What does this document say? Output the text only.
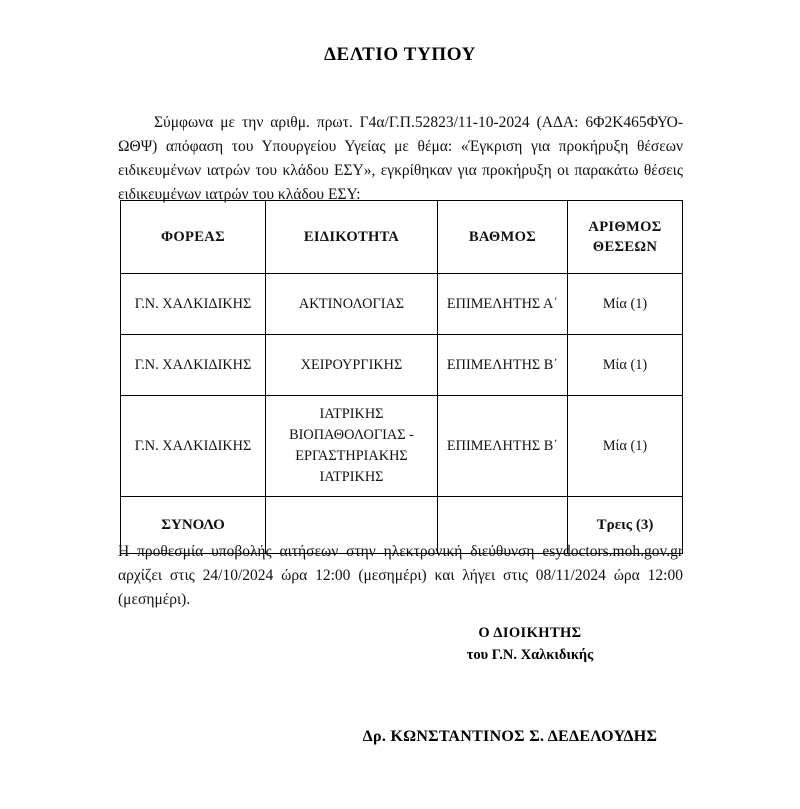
ΔΕΛΤΙΟ ΤΥΠΟΥ

Σύμφωνα με την αριθμ. πρωτ. Γ4α/Γ.Π.52823/11-10-2024 (ΑΔΑ: 6Φ2Κ465ΦΥΟ-ΩΘΨ) απόφαση του Υπουργείου Υγείας με θέμα: «Έγκριση για προκήρυξη θέσεων ειδικευμένων ιατρών του κλάδου ΕΣΥ», εγκρίθηκαν για προκήρυξη οι παρακάτω θέσεις ειδικευμένων ιατρών του κλάδου ΕΣΥ:

ΦΟΡΕΑΣ	ΕΙΔΙΚΟΤΗΤΑ	ΒΑΘΜΟΣ	ΑΡΙΘΜΟΣ
ΘΕΣΕΩΝ

Γ.Ν. ΧΑΛΚΙΔΙΚΗΣ	ΑΚΤΙΝΟΛΟΓΙΑΣ	ΕΠΙΜΕΛΗΤΗΣ Α΄	Μία (1)
Γ.Ν. ΧΑΛΚΙΔΙΚΗΣ	ΧΕΙΡΟΥΡΓΙΚΗΣ	ΕΠΙΜΕΛΗΤΗΣ Β΄	Μία (1)
Γ.Ν. ΧΑΛΚΙΔΙΚΗΣ	ΙΑΤΡΙΚΗΣ
ΒΙΟΠΑΘΟΛΟΓΙΑΣ -
ΕΡΓΑΣΤΗΡΙΑΚΗΣ
ΙΑΤΡΙΚΗΣ	ΕΠΙΜΕΛΗΤΗΣ Β΄	Μία (1)
ΣΥΝΟΛΟ			Τρεις (3)

Η προθεσμία υποβολής αιτήσεων στην ηλεκτρονική διεύθυνση esydoctors.moh.gov.gr αρχίζει στις 24/10/2024 ώρα 12:00 (μεσημέρι) και λήγει στις 08/11/2024 ώρα 12:00 (μεσημέρι).

Ο ΔΙΟΙΚΗΤΗΣ
του Γ.Ν. Χαλκιδικής
Δρ. ΚΩΝΣΤΑΝΤΙΝΟΣ Σ. ΔΕΔΕΛΟΥΔΗΣ
